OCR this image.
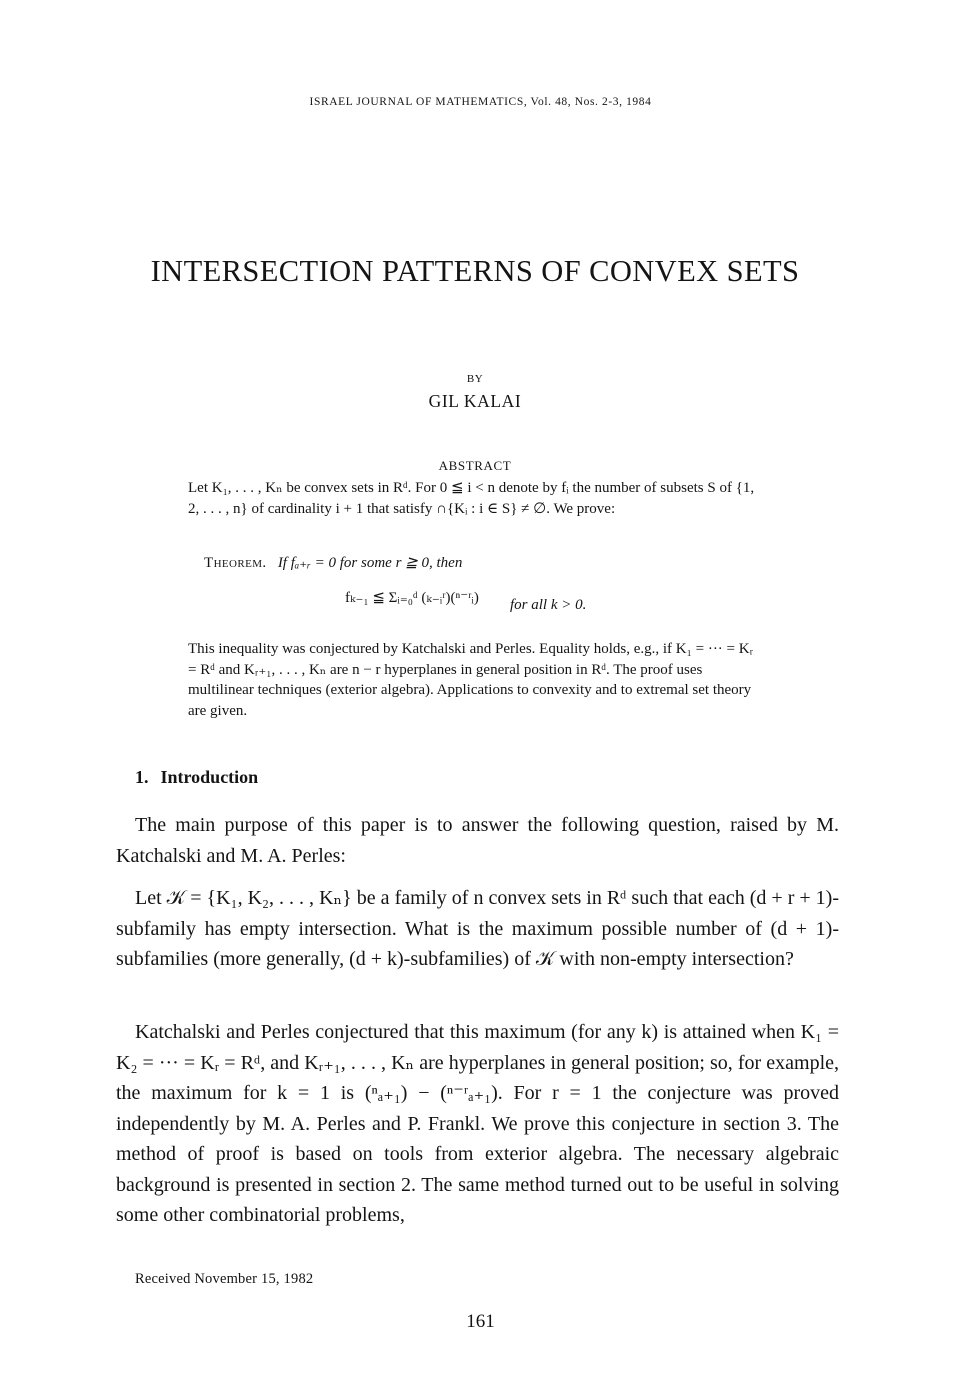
ISRAEL JOURNAL OF MATHEMATICS, Vol. 48, Nos. 2-3, 1984
INTERSECTION PATTERNS OF CONVEX SETS
BY
GIL KALAI
ABSTRACT
Let K₁, . . . , Kₙ be convex sets in Rᵈ. For 0 ≦ i < n denote by fᵢ the number of subsets S of {1, 2, . . . , n} of cardinality i + 1 that satisfy ∩{Kᵢ : i ∈ S} ≠ ∅. We prove:
Theorem. If fₐ₊ᵣ = 0 for some r ≧ 0, then
fₖ₋₁ ≦ Σᵢ₌₀ᵈ (ₖ₋ᵢʳ)(ⁿ⁻ʳᵢ) for all k > 0.
This inequality was conjectured by Katchalski and Perles. Equality holds, e.g., if K₁ = ··· = Kᵣ = Rᵈ and Kᵣ₊₁, . . . , Kₙ are n − r hyperplanes in general position in Rᵈ. The proof uses multilinear techniques (exterior algebra). Applications to convexity and to extremal set theory are given.
1. Introduction

The main purpose of this paper is to answer the following question, raised by M. Katchalski and M. A. Perles:

Let 𝒦 = {K₁, K₂, . . . , Kₙ} be a family of n convex sets in Rᵈ such that each (d + r + 1)-subfamily has empty intersection. What is the maximum possible number of (d + 1)-subfamilies (more generally, (d + k)-subfamilies) of 𝒦 with non-empty intersection?

Katchalski and Perles conjectured that this maximum (for any k) is attained when K₁ = K₂ = ··· = Kᵣ = Rᵈ, and Kᵣ₊₁, . . . , Kₙ are hyperplanes in general position; so, for example, the maximum for k = 1 is (ⁿₐ₊₁) − (ⁿ⁻ʳₐ₊₁). For r = 1 the conjecture was proved independently by M. A. Perles and P. Frankl. We prove this conjecture in section 3. The method of proof is based on tools from exterior algebra. The necessary algebraic background is presented in section 2. The same method turned out to be useful in solving some other combinatorial problems,

Received November 15, 1982
161
